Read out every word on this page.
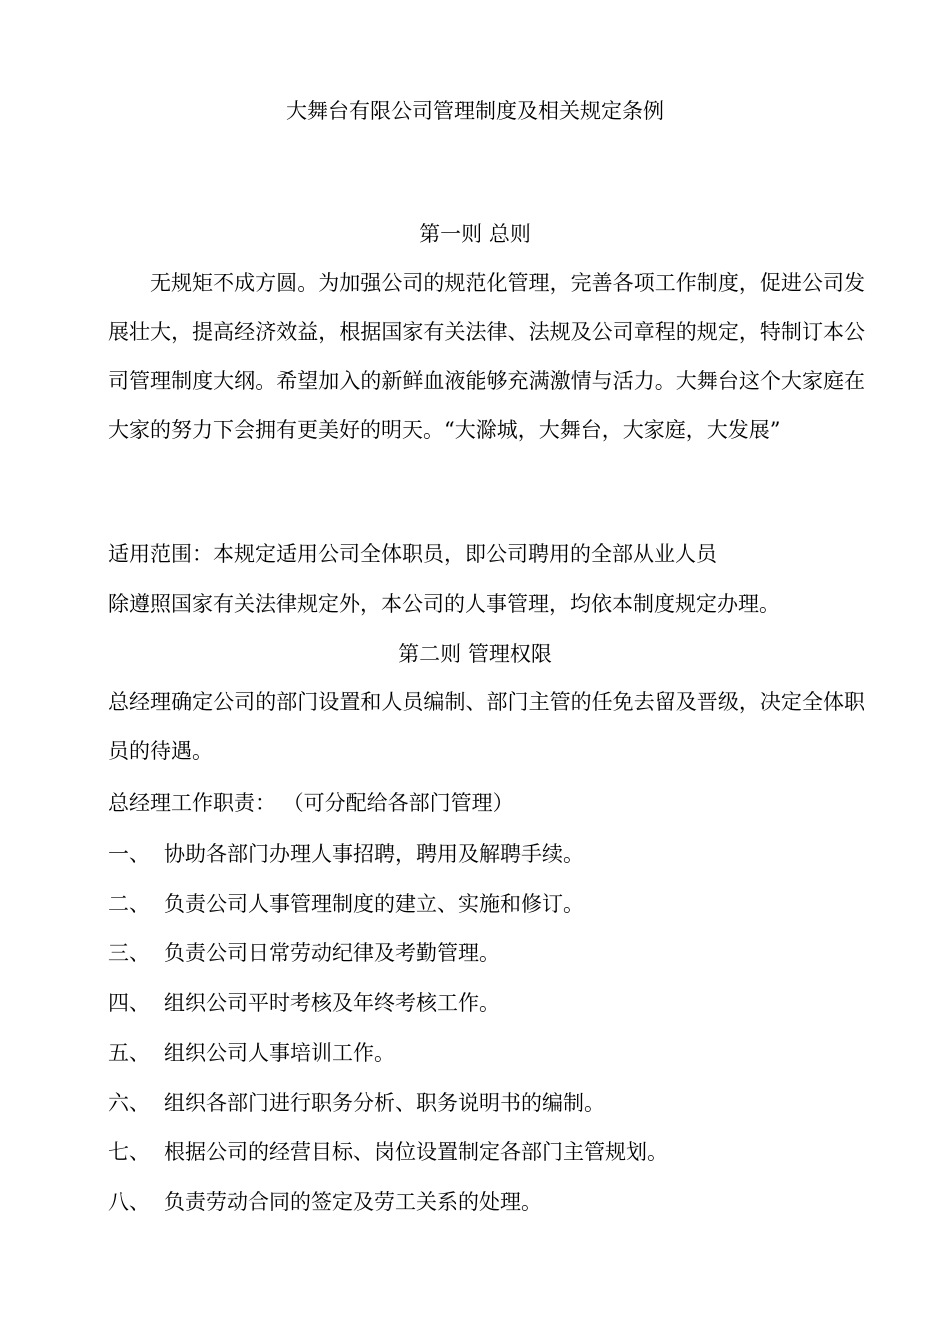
大舞台有限公司管理制度及相关规定条例
第一则 总则

无规矩不成方圆。为加强公司的规范化管理，完善各项工作制度，促进公司发展壮大，提高经济效益，根据国家有关法律、法规及公司章程的规定，特制订本公司管理制度大纲。希望加入的新鲜血液能够充满激情与活力。大舞台这个大家庭在大家的努力下会拥有更美好的明天。“大滁城，大舞台，大家庭，大发展”

适用范围：本规定适用公司全体职员，即公司聘用的全部从业人员

除遵照国家有关法律规定外，本公司的人事管理，均依本制度规定办理。

第二则 管理权限

总经理确定公司的部门设置和人员编制、部门主管的任免去留及晋级，决定全体职员的待遇。

总经理工作职责： （可分配给各部门管理）

一、 协助各部门办理人事招聘，聘用及解聘手续。
二、 负责公司人事管理制度的建立、实施和修订。
三、 负责公司日常劳动纪律及考勤管理。
四、 组织公司平时考核及年终考核工作。
五、 组织公司人事培训工作。
六、 组织各部门进行职务分析、职务说明书的编制。
七、 根据公司的经营目标、岗位设置制定各部门主管规划。
八、 负责劳动合同的签定及劳工关系的处理。
